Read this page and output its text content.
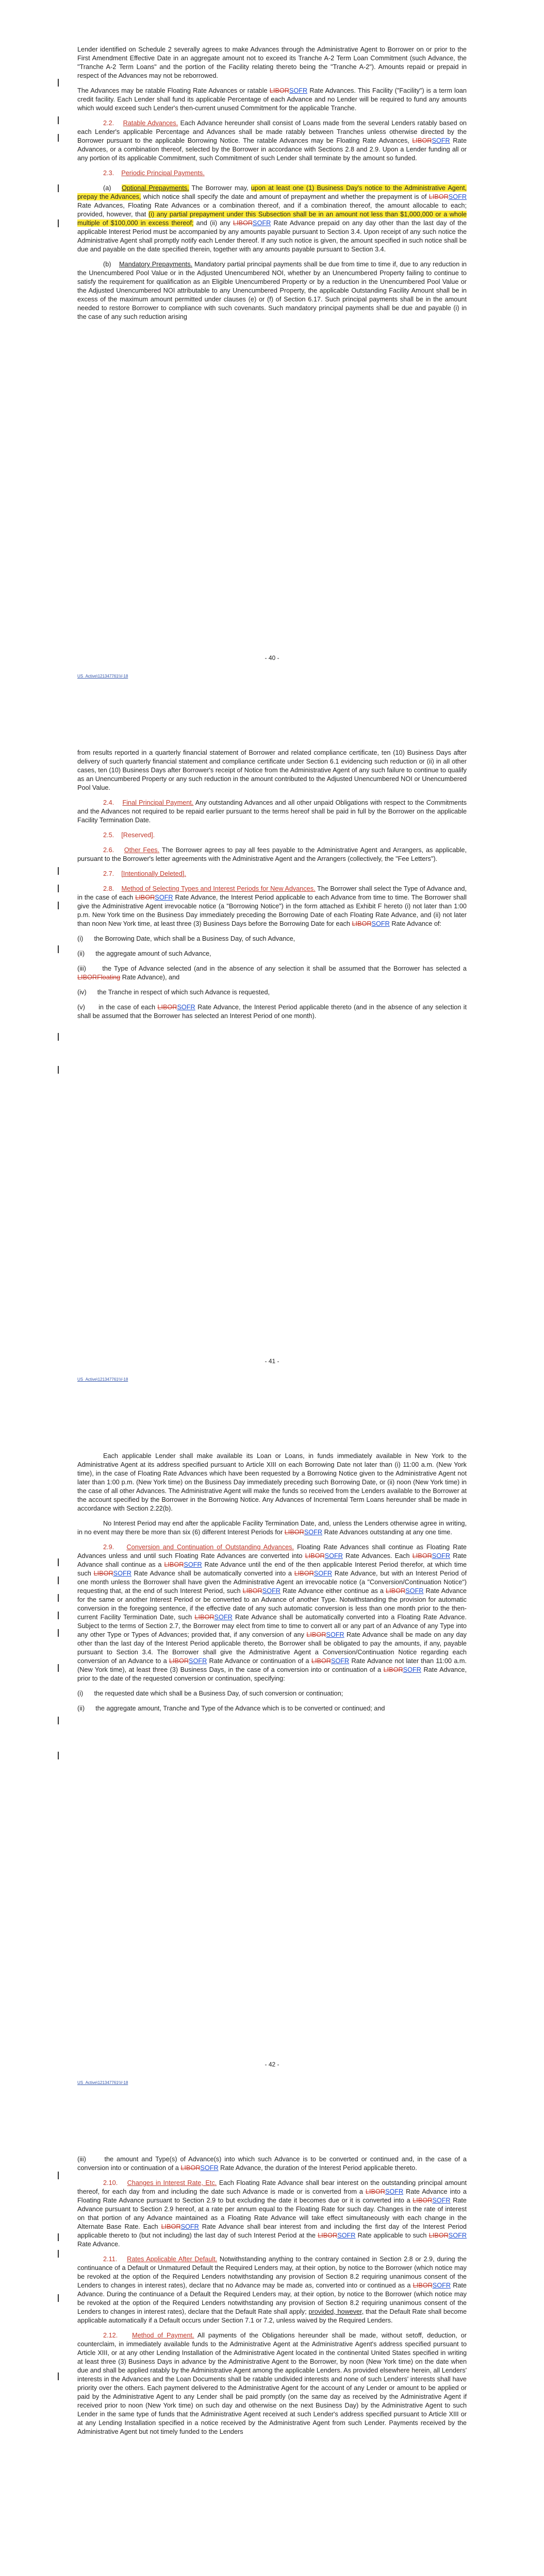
Lender identified on Schedule 2 severally agrees to make Advances through the Administrative Agent to Borrower on or prior to the First Amendment Effective Date in an aggregate amount not to exceed its Tranche A-2 Term Loan Commitment (such Advance, the "Tranche A-2 Term Loans" and the portion of the Facility relating thereto being the "Tranche A-2"). Amounts repaid or prepaid in respect of the Advances may not be reborrowed.

The Advances may be ratable Floating Rate Advances or ratable LIBORSOFR Rate Advances. This Facility ("Facility") is a term loan credit facility. Each Lender shall fund its applicable Percentage of each Advance and no Lender will be required to fund any amounts which would exceed such Lender's then-current unused Commitment for the applicable Tranche.

2.2. Ratable Advances. Each Advance hereunder shall consist of Loans made from the several Lenders ratably based on each Lender's applicable Percentage and Advances shall be made ratably between Tranches unless otherwise directed by the Borrower pursuant to the applicable Borrowing Notice. The ratable Advances may be Floating Rate Advances, LIBORSOFR Rate Advances, or a combination thereof, selected by the Borrower in accordance with Sections 2.8 and 2.9. Upon a Lender funding all or any portion of its applicable Commitment, such Commitment of such Lender shall terminate by the amount so funded.

2.3. Periodic Principal Payments.

(a) Optional Prepayments. The Borrower may, upon at least one (1) Business Day's notice to the Administrative Agent, prepay the Advances, which notice shall specify the date and amount of prepayment and whether the prepayment is of LIBORSOFR Rate Advances, Floating Rate Advances or a combination thereof, and if a combination thereof, the amount allocable to each; provided, however, that (i) any partial prepayment under this Subsection shall be in an amount not less than $1,000,000 or a whole multiple of $100,000 in excess thereof; and (ii) any LIBORSOFR Rate Advance prepaid on any day other than the last day of the applicable Interest Period must be accompanied by any amounts payable pursuant to Section 3.4. Upon receipt of any such notice the Administrative Agent shall promptly notify each Lender thereof. If any such notice is given, the amount specified in such notice shall be due and payable on the date specified therein, together with any amounts payable pursuant to Section 3.4.

(b) Mandatory Prepayments. Mandatory partial principal payments shall be due from time to time if, due to any reduction in the Unencumbered Pool Value or in the Adjusted Unencumbered NOI, whether by an Unencumbered Property failing to continue to satisfy the requirement for qualification as an Eligible Unencumbered Property or by a reduction in the Unencumbered Pool Value or the Adjusted Unencumbered NOI attributable to any Unencumbered Property, the applicable Outstanding Facility Amount shall be in excess of the maximum amount permitted under clauses (e) or (f) of Section 6.17. Such principal payments shall be in the amount needed to restore Borrower to compliance with such covenants. Such mandatory principal payments shall be due and payable (i) in the case of any such reduction arising

- 40 -
US_Active\121347761\V-18

from results reported in a quarterly financial statement of Borrower and related compliance certificate, ten (10) Business Days after delivery of such quarterly financial statement and compliance certificate under Section 6.1 evidencing such reduction or (ii) in all other cases, ten (10) Business Days after Borrower's receipt of Notice from the Administrative Agent of any such failure to continue to qualify as an Unencumbered Property or any such reduction in the amount contributed to the Adjusted Unencumbered NOI or Unencumbered Pool Value.

2.4. Final Principal Payment. Any outstanding Advances and all other unpaid Obligations with respect to the Commitments and the Advances not required to be repaid earlier pursuant to the terms hereof shall be paid in full by the Borrower on the applicable Facility Termination Date.

2.5. [Reserved].

2.6. Other Fees. The Borrower agrees to pay all fees payable to the Administrative Agent and Arrangers, as applicable, pursuant to the Borrower's letter agreements with the Administrative Agent and the Arrangers (collectively, the "Fee Letters").

2.7. [Intentionally Deleted].

2.8. Method of Selecting Types and Interest Periods for New Advances. The Borrower shall select the Type of Advance and, in the case of each LIBORSOFR Rate Advance, the Interest Period applicable to each Advance from time to time. The Borrower shall give the Administrative Agent irrevocable notice (a "Borrowing Notice") in the form attached as Exhibit F hereto (i) not later than 1:00 p.m. New York time on the Business Day immediately preceding the Borrowing Date of each Floating Rate Advance, and (ii) not later than noon New York time, at least three (3) Business Days before the Borrowing Date for each LIBORSOFR Rate Advance of:

(i) the Borrowing Date, which shall be a Business Day, of such Advance,

(ii) the aggregate amount of such Advance,

(iii) the Type of Advance selected (and in the absence of any selection it shall be assumed that the Borrower has selected a LIBORFloating Rate Advance), and

(iv) the Tranche in respect of which such Advance is requested,

(v) in the case of each LIBORSOFR Rate Advance, the Interest Period applicable thereto (and in the absence of any selection it shall be assumed that the Borrower has selected an Interest Period of one month).

- 41 -
US_Active\121347761\V-18

Each applicable Lender shall make available its Loan or Loans, in funds immediately available in New York to the Administrative Agent at its address specified pursuant to Article XIII on each Borrowing Date not later than (i) 11:00 a.m. (New York time), in the case of Floating Rate Advances which have been requested by a Borrowing Notice given to the Administrative Agent not later than 1:00 p.m. (New York time) on the Business Day immediately preceding such Borrowing Date, or (ii) noon (New York time) in the case of all other Advances. The Administrative Agent will make the funds so received from the Lenders available to the Borrower at the account specified by the Borrower in the Borrowing Notice. Any Advances of Incremental Term Loans hereunder shall be made in accordance with Section 2.22(b).

No Interest Period may end after the applicable Facility Termination Date, and, unless the Lenders otherwise agree in writing, in no event may there be more than six (6) different Interest Periods for LIBORSOFR Rate Advances outstanding at any one time.

2.9. Conversion and Continuation of Outstanding Advances. Floating Rate Advances shall continue as Floating Rate Advances unless and until such Floating Rate Advances are converted into LIBORSOFR Rate Advances. Each LIBORSOFR Rate Advance shall continue as a LIBORSOFR Rate Advance until the end of the then applicable Interest Period therefor, at which time such LIBORSOFR Rate Advance shall be automatically converted into a LIBORSOFR Rate Advance, but with an Interest Period of one month unless the Borrower shall have given the Administrative Agent an irrevocable notice (a "Conversion/Continuation Notice") requesting that, at the end of such Interest Period, such LIBORSOFR Rate Advance either continue as a LIBORSOFR Rate Advance for the same or another Interest Period or be converted to an Advance of another Type. Notwithstanding the provision for automatic conversion in the foregoing sentence, if the effective date of any such automatic conversion is less than one month prior to the then-current Facility Termination Date, such LIBORSOFR Rate Advance shall be automatically converted into a Floating Rate Advance. Subject to the terms of Section 2.7, the Borrower may elect from time to time to convert all or any part of an Advance of any Type into any other Type or Types of Advances; provided that, if any conversion of any LIBORSOFR Rate Advance shall be made on any day other than the last day of the Interest Period applicable thereto, the Borrower shall be obligated to pay the amounts, if any, payable pursuant to Section 3.4. The Borrower shall give the Administrative Agent a Conversion/Continuation Notice regarding each conversion of an Advance to a LIBORSOFR Rate Advance or continuation of a LIBORSOFR Rate Advance not later than 11:00 a.m. (New York time), at least three (3) Business Days, in the case of a conversion into or continuation of a LIBORSOFR Rate Advance, prior to the date of the requested conversion or continuation, specifying:

(i) the requested date which shall be a Business Day, of such conversion or continuation;

(ii) the aggregate amount, Tranche and Type of the Advance which is to be converted or continued; and

- 42 -
US_Active\121347761\V-18

(iii)	the amount and Type(s) of Advance(s) into which such Advance is to be converted or continued and, in the case of a conversion into or continuation of a LIBORSOFR Rate Advance, the duration of the Interest Period applicable thereto.

2.10. Changes in Interest Rate, Etc. Each Floating Rate Advance shall bear interest on the outstanding principal amount thereof, for each day from and including the date such Advance is made or is converted from a LIBORSOFR Rate Advance into a Floating Rate Advance pursuant to Section 2.9 to but excluding the date it becomes due or it is converted into a LIBORSOFR Rate Advance pursuant to Section 2.9 hereof, at a rate per annum equal to the Floating Rate for such day. Changes in the rate of interest on that portion of any Advance maintained as a Floating Rate Advance will take effect simultaneously with each change in the Alternate Base Rate. Each LIBORSOFR Rate Advance shall bear interest from and including the first day of the Interest Period applicable thereto to (but not including) the last day of such Interest Period at the LIBORSOFR Rate applicable to such LIBORSOFR Rate Advance.

2.11. Rates Applicable After Default. Notwithstanding anything to the contrary contained in Section 2.8 or 2.9, during the continuance of a Default or Unmatured Default the Required Lenders may, at their option, by notice to the Borrower (which notice may be revoked at the option of the Required Lenders notwithstanding any provision of Section 8.2 requiring unanimous consent of the Lenders to changes in interest rates), declare that no Advance may be made as, converted into or continued as a LIBORSOFR Rate Advance. During the continuance of a Default the Required Lenders may, at their option, by notice to the Borrower (which notice may be revoked at the option of the Required Lenders notwithstanding any provision of Section 8.2 requiring unanimous consent of the Lenders to changes in interest rates), declare that the Default Rate shall apply; provided, however, that the Default Rate shall become applicable automatically if a Default occurs under Section 7.1 or 7.2, unless waived by the Required Lenders.

2.12. Method of Payment. All payments of the Obligations hereunder shall be made, without setoff, deduction, or counterclaim, in immediately available funds to the Administrative Agent at the Administrative Agent's address specified pursuant to Article XIII, or at any other Lending Installation of the Administrative Agent located in the continental United States specified in writing at least three (3) Business Days in advance by the Administrative Agent to the Borrower, by noon (New York time) on the date when due and shall be applied ratably by the Administrative Agent among the applicable Lenders. As provided elsewhere herein, all Lenders' interests in the Advances and the Loan Documents shall be ratable undivided interests and none of such Lenders' interests shall have priority over the others. Each payment delivered to the Administrative Agent for the account of any Lender or amount to be applied or paid by the Administrative Agent to any Lender shall be paid promptly (on the same day as received by the Administrative Agent if received prior to noon (New York time) on such day and otherwise on the next Business Day) by the Administrative Agent to such Lender in the same type of funds that the Administrative Agent received at such Lender's address specified pursuant to Article XIII or at any Lending Installation specified in a notice received by the Administrative Agent from such Lender. Payments received by the Administrative Agent but not timely funded to the Lenders
